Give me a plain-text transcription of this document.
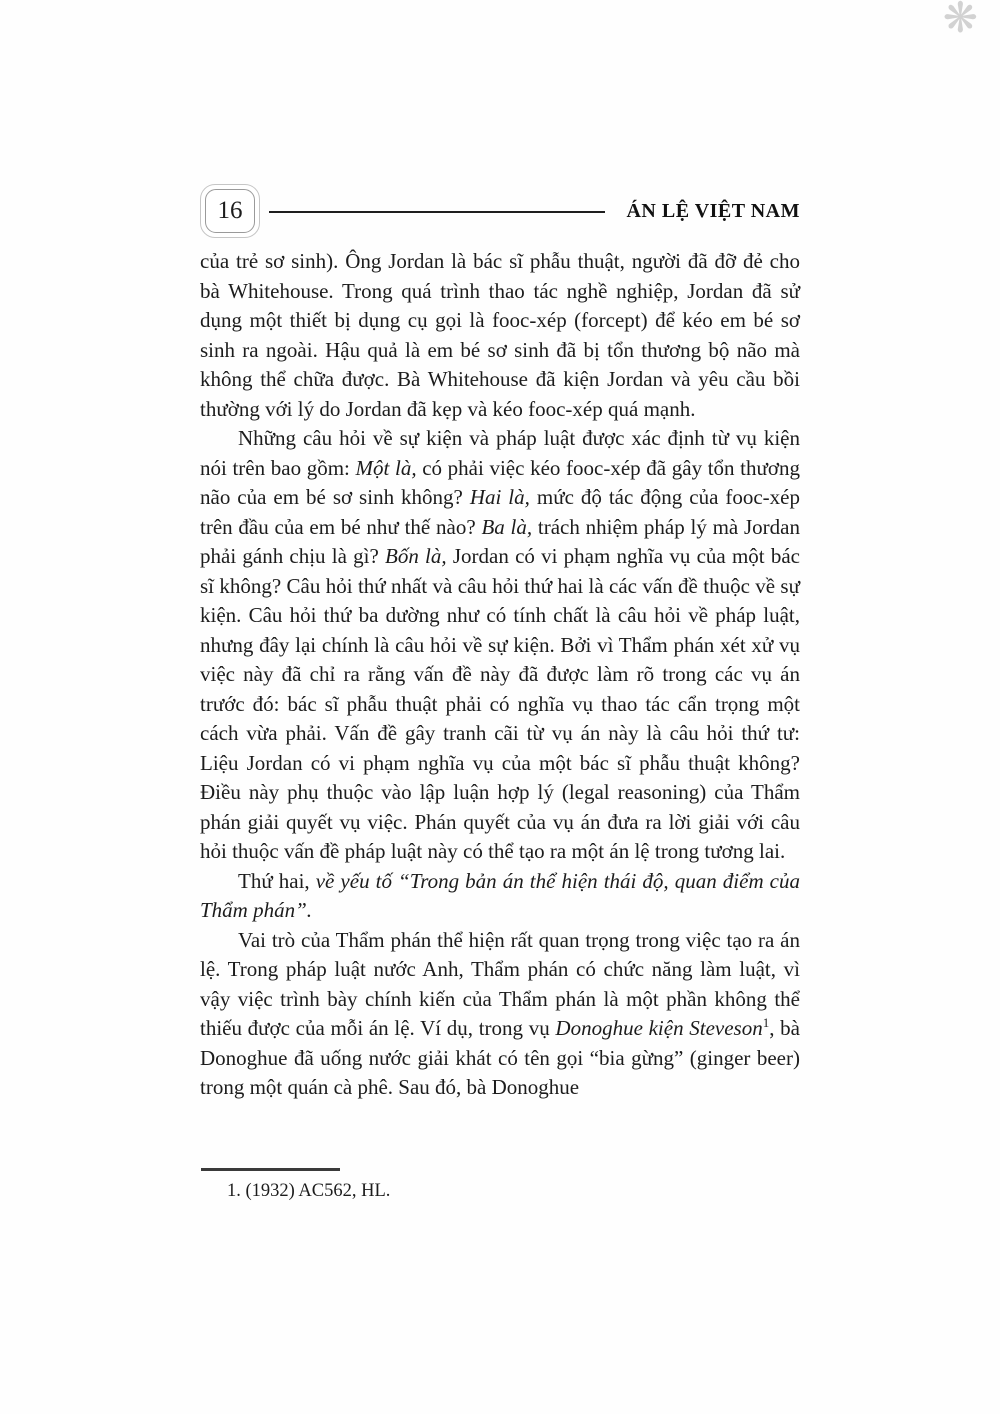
❋
16	ÁN LỆ VIỆT NAM

của trẻ sơ sinh). Ông Jordan là bác sĩ phẫu thuật, người đã đỡ đẻ cho bà Whitehouse. Trong quá trình thao tác nghề nghiệp, Jordan đã sử dụng một thiết bị dụng cụ gọi là fooc-xép (forcept) để kéo em bé sơ sinh ra ngoài. Hậu quả là em bé sơ sinh đã bị tổn thương bộ não mà không thể chữa được. Bà Whitehouse đã kiện Jordan và yêu cầu bồi thường với lý do Jordan đã kẹp và kéo fooc-xép quá mạnh.

Những câu hỏi về sự kiện và pháp luật được xác định từ vụ kiện nói trên bao gồm: Một là, có phải việc kéo fooc-xép đã gây tổn thương não của em bé sơ sinh không? Hai là, mức độ tác động của fooc-xép trên đầu của em bé như thế nào? Ba là, trách nhiệm pháp lý mà Jordan phải gánh chịu là gì? Bốn là, Jordan có vi phạm nghĩa vụ của một bác sĩ không? Câu hỏi thứ nhất và câu hỏi thứ hai là các vấn đề thuộc về sự kiện. Câu hỏi thứ ba dường như có tính chất là câu hỏi về pháp luật, nhưng đây lại chính là câu hỏi về sự kiện. Bởi vì Thẩm phán xét xử vụ việc này đã chỉ ra rằng vấn đề này đã được làm rõ trong các vụ án trước đó: bác sĩ phẫu thuật phải có nghĩa vụ thao tác cẩn trọng một cách vừa phải. Vấn đề gây tranh cãi từ vụ án này là câu hỏi thứ tư: Liệu Jordan có vi phạm nghĩa vụ của một bác sĩ phẫu thuật không? Điều này phụ thuộc vào lập luận hợp lý (legal reasoning) của Thẩm phán giải quyết vụ việc. Phán quyết của vụ án đưa ra lời giải với câu hỏi thuộc vấn đề pháp luật này có thể tạo ra một án lệ trong tương lai.

Thứ hai, về yếu tố “Trong bản án thể hiện thái độ, quan điểm của Thẩm phán”.

Vai trò của Thẩm phán thể hiện rất quan trọng trong việc tạo ra án lệ. Trong pháp luật nước Anh, Thẩm phán có chức năng làm luật, vì vậy việc trình bày chính kiến của Thẩm phán là một phần không thể thiếu được của mỗi án lệ. Ví dụ, trong vụ Donoghue kiện Steveson$^1$, bà Donoghue đã uống nước giải khát có tên gọi “bia gừng” (ginger beer) trong một quán cà phê. Sau đó, bà Donoghue

1. (1932) AC562, HL.
